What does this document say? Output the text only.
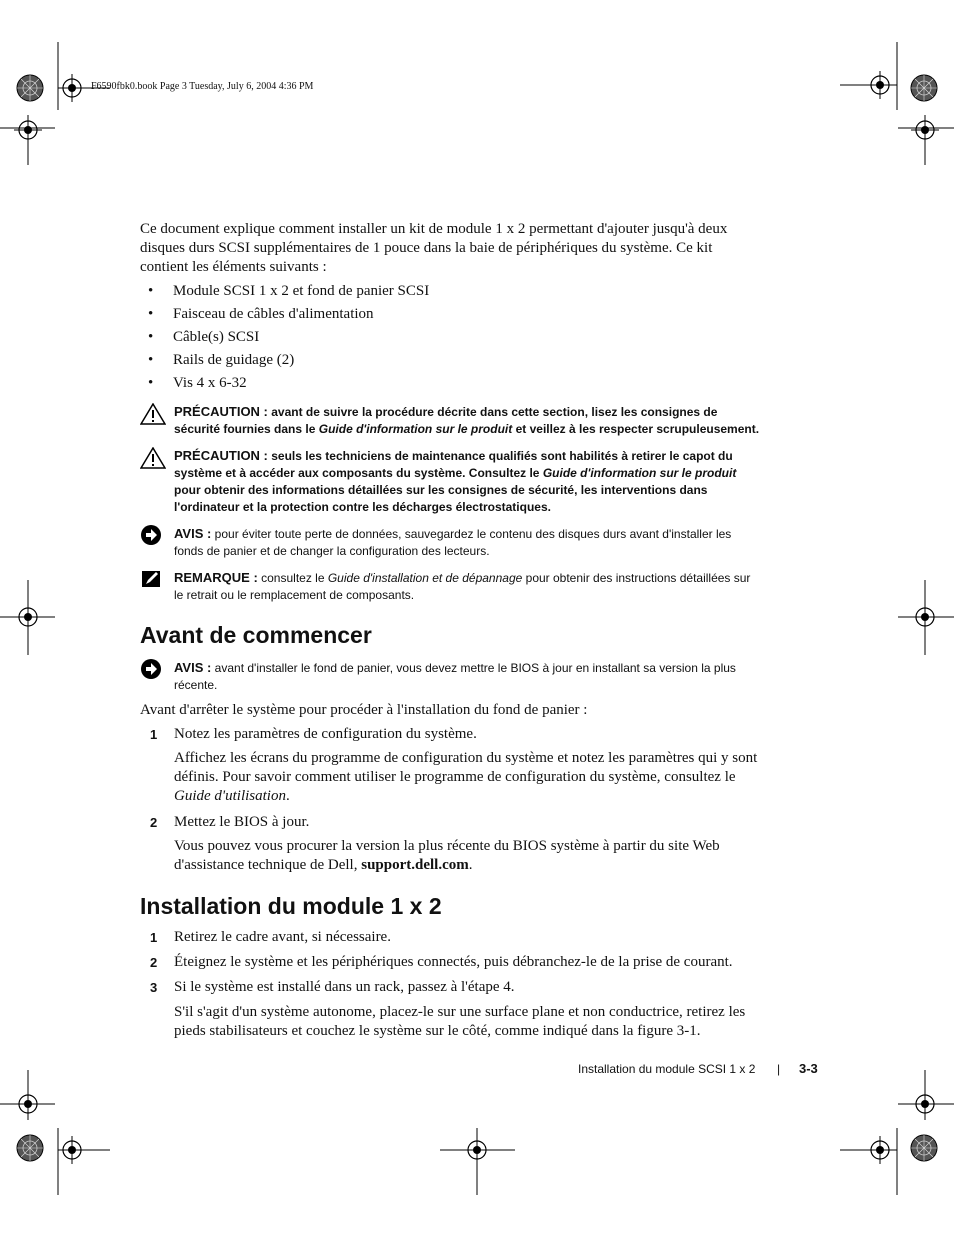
F6590fbk0.book Page 3 Tuesday, July 6, 2004 4:36 PM

Ce document explique comment installer un kit de module 1 x 2 permettant d'ajouter jusqu'à deux disques durs SCSI supplémentaires de 1 pouce dans la baie de périphériques du système. Ce kit contient les éléments suivants :

• Module SCSI 1 x 2 et fond de panier SCSI
• Faisceau de câbles d'alimentation
• Câble(s) SCSI
• Rails de guidage (2)
• Vis 4 x 6-32
PRÉCAUTION : avant de suivre la procédure décrite dans cette section, lisez les consignes de sécurité fournies dans le Guide d'information sur le produit et veillez à les respecter scrupuleusement.
PRÉCAUTION : seuls les techniciens de maintenance qualifiés sont habilités à retirer le capot du système et à accéder aux composants du système. Consultez le Guide d'information sur le produit pour obtenir des informations détaillées sur les consignes de sécurité, les interventions dans l'ordinateur et la protection contre les décharges électrostatiques.
AVIS : pour éviter toute perte de données, sauvegardez le contenu des disques durs avant d'installer les fonds de panier et de changer la configuration des lecteurs.
REMARQUE : consultez le Guide d'installation et de dépannage pour obtenir des instructions détaillées sur le retrait ou le remplacement de composants.
Avant de commencer
AVIS : avant d'installer le fond de panier, vous devez mettre le BIOS à jour en installant sa version la plus récente.

Avant d'arrêter le système pour procéder à l'installation du fond de panier :

1 Notez les paramètres de configuration du système.

Affichez les écrans du programme de configuration du système et notez les paramètres qui y sont définis. Pour savoir comment utiliser le programme de configuration du système, consultez le Guide d'utilisation.

2 Mettez le BIOS à jour.

Vous pouvez vous procurer la version la plus récente du BIOS système à partir du site Web d'assistance technique de Dell, support.dell.com.

Installation du module 1 x 2
1 Retirez le cadre avant, si nécessaire.
2 Éteignez le système et les périphériques connectés, puis débranchez-le de la prise de courant.
3 Si le système est installé dans un rack, passez à l'étape 4.

S'il s'agit d'un système autonome, placez-le sur une surface plane et non conductrice, retirez les pieds stabilisateurs et couchez le système sur le côté, comme indiqué dans la figure 3-1.

Installation du module SCSI 1 x 2 | 3-3
